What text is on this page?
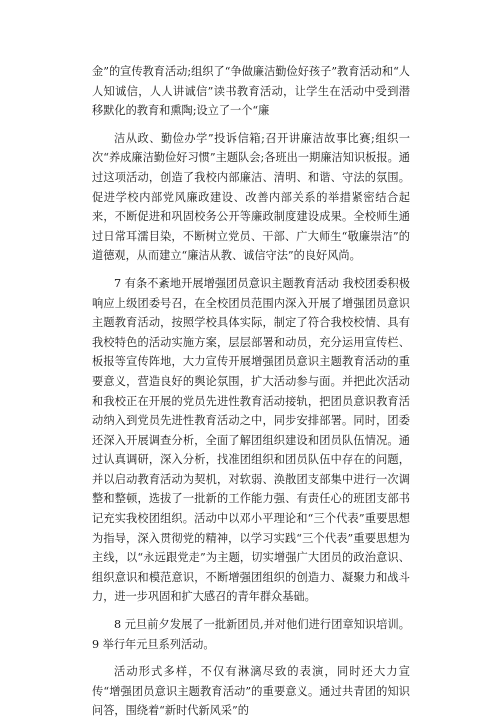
金”的宣传教育活动;组织了“争做廉洁勤俭好孩子”教育活动和“人人知诚信，人人讲诚信”读书教育活动，让学生在活动中受到潜移默化的教育和熏陶;设立了一个“廉

洁从政、勤俭办学”投诉信箱;召开讲廉洁故事比赛;组织一次“养成廉洁勤俭好习惯”主题队会;各班出一期廉洁知识板报。通过这项活动，创造了我校内部廉洁、清明、和谐、守法的氛围。促进学校内部党风廉政建设、改善内部关系的举措紧密结合起来，不断促进和巩固校务公开等廉政制度建设成果。全校师生通过日常耳濡目染，不断树立党员、干部、广大师生“敬廉崇洁”的道德观，从而建立“廉洁从教、诚信守法”的良好风尚。

7 有条不紊地开展增强团员意识主题教育活动 我校团委积极响应上级团委号召，在全校团员范围内深入开展了增强团员意识主题教育活动，按照学校具体实际，制定了符合我校校情、具有我校特色的活动实施方案，层层部署和动员，充分运用宣传栏、板报等宣传阵地，大力宣传开展增强团员意识主题教育活动的重要意义，营造良好的舆论氛围，扩大活动参与面。并把此次活动和我校正在开展的党员先进性教育活动接轨，把团员意识教育活动纳入到党员先进性教育活动之中，同步安排部署。同时，团委还深入开展调查分析，全面了解团组织建设和团员队伍情况。通过认真调研，深入分析，找准团组织和团员队伍中存在的问题，并以启动教育活动为契机，对软弱、涣散团支部集中进行一次调整和整顿，选拔了一批新的工作能力强、有责任心的班团支部书记充实我校团组织。活动中以邓小平理论和“三个代表”重要思想为指导，深入贯彻党的精神，以学习实践“三个代表”重要思想为主线，以“永远跟党走”为主题，切实增强广大团员的政治意识、组织意识和模范意识，不断增强团组织的创造力、凝聚力和战斗力，进一步巩固和扩大感召的青年群众基础。

8 元旦前夕发展了一批新团员,并对他们进行团章知识培训。 9 举行年元旦系列活动。

活动形式多样，不仅有淋漓尽致的表演，同时还大力宣传“增强团员意识主题教育活动”的重要意义。通过共青团的知识问答，围绕着“新时代新风采”的
